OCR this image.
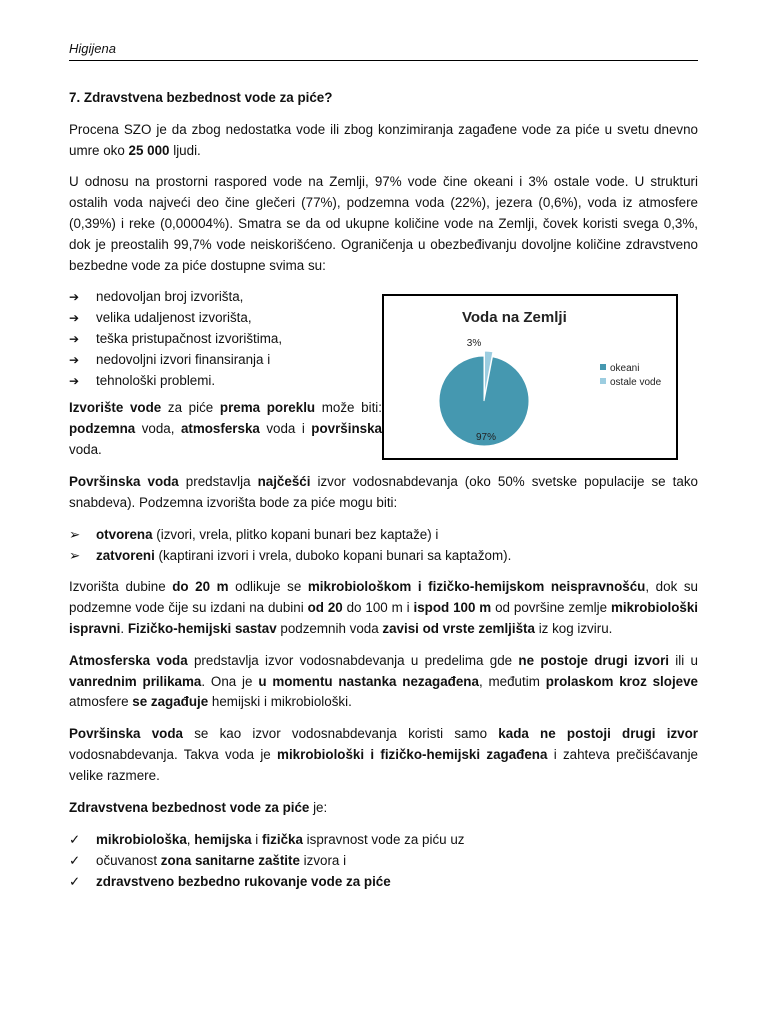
Higijena

7. Zdravstvena bezbednost vode za piće?

Procena SZO je da zbog nedostatka vode ili zbog konzimiranja zagađene vode za piće u svetu dnevno umre oko 25 000 ljudi.

U odnosu na prostorni raspored vode na Zemlji, 97% vode čine okeani i 3% ostale vode. U strukturi ostalih voda najveći deo čine glečeri (77%), podzemna voda (22%), jezera (0,6%), voda iz atmosfere (0,39%) i reke (0,00004%). Smatra se da od ukupne količine vode na Zemlji, čovek koristi svega 0,3%, dok je preostalih 99,7% vode neiskorišćeno. Ograničenja u obezbeđivanju dovoljne količine zdravstveno bezbedne vode za piće dostupne svima su:

➔ nedovoljan broj izvorišta,
➔ velika udaljenost izvorišta,
➔ teška pristupačnost izvorištima,
➔ nedovoljni izvori finansiranja i
➔ tehnološki problemi.

Izvorište vode za piće prema poreklu može biti: podzemna voda, atmosferska voda i površinska voda.

Površinska voda predstavlja najčešći izvor vodosnabdevanja (oko 50% svetske populacije se tako snabdeva). Podzemna izvorišta bode za piće mogu biti:

➢ otvorena (izvori, vrela, plitko kopani bunari bez kaptaže) i
➢ zatvoreni (kaptirani izvori i vrela, duboko kopani bunari sa kaptažom).

Izvorišta dubine do 20 m odlikuje se mikrobiološkom i fizičko-hemijskom neispravnošću, dok su podzemne vode čije su izdani na dubini od 20 do 100 m i ispod 100 m od površine zemlje mikrobiološki ispravni. Fizičko-hemijski sastav podzemnih voda zavisi od vrste zemljišta iz kog izviru.

Atmosferska voda predstavlja izvor vodosnabdevanja u predelima gde ne postoje drugi izvori ili u vanrednim prilikama. Ona je u momentu nastanka nezagađena, međutim prolaskom kroz slojeve atmosfere se zagađuje hemijski i mikrobiološki.

Površinska voda se kao izvor vodosnabdevanja koristi samo kada ne postoji drugi izvor vodosnabdevanja. Takva voda je mikrobiološki i fizičko-hemijski zagađena i zahteva prečišćavanje velike razmere.

Zdravstvena bezbednost vode za piće je:

✓ mikrobiološka, hemijska i fizička ispravnost vode za piću uz
✓ očuvanost zona sanitarne zaštite izvora i
✓ zdravstveno bezbedno rukovanje vode za piće
Voda na Zemlji
97%
3%
okeani
ostale vode
